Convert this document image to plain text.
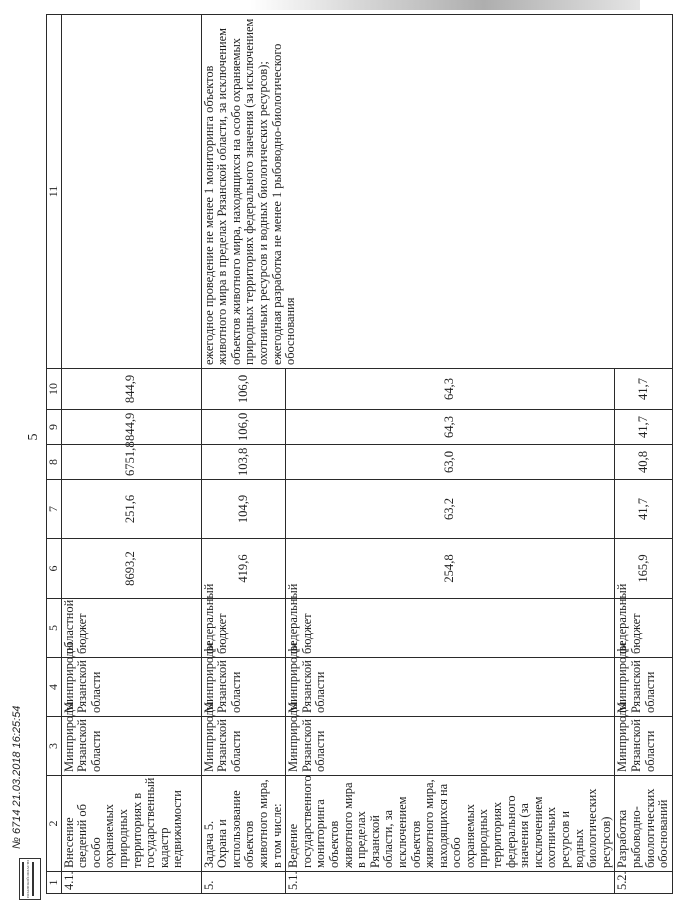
5
РЯЗАНСКОЙ ОБЛАСТИ
№ 6714 21.03.2018 16:25:54
1	2	3	4	5	6	7	8	9	10	11
4.1.	Внесение сведений об особо охраняемых природных территориях в государственный кадастр недвижимости	Минприроды Рязанской области	Минприроды Рязанской области	областной бюджет	8693,2	251,6	6751,8	844,9	844,9	
5.	Задача 5. Охрана и использование объектов животного мира, в том числе:	Минприроды Рязанской области	Минприроды Рязанской области	федеральный бюджет	419,6	104,9	103,8	106,0	106,0	ежегодное проведение не менее 1 мониторинга объектов животного мира в пределах Рязанской области, за исключением объектов животного мира, находящихся на особо охраняемых природных территориях федерального значения (за исключением охотничьих ресурсов и водных биологических ресурсов); ежегодная разработка не менее 1 рыбоводно-биологического обоснования
5.1.	Ведение государственного мониторинга объектов животного мира в пределах Рязанской области, за исключением объектов животного мира, находящихся на особо охраняемых природных территориях федерального значения (за исключением охотничьих ресурсов и водных биологических ресурсов)	Минприроды Рязанской области	Минприроды Рязанской области	федеральный бюджет	254,8	63,2	63,0	64,3	64,3	
5.2.	Разработка рыбоводно-биологических обоснований	Минприроды Рязанской области	Минприроды Рязанской области	федеральный бюджет	165,9	41,7	40,8	41,7	41,7	
